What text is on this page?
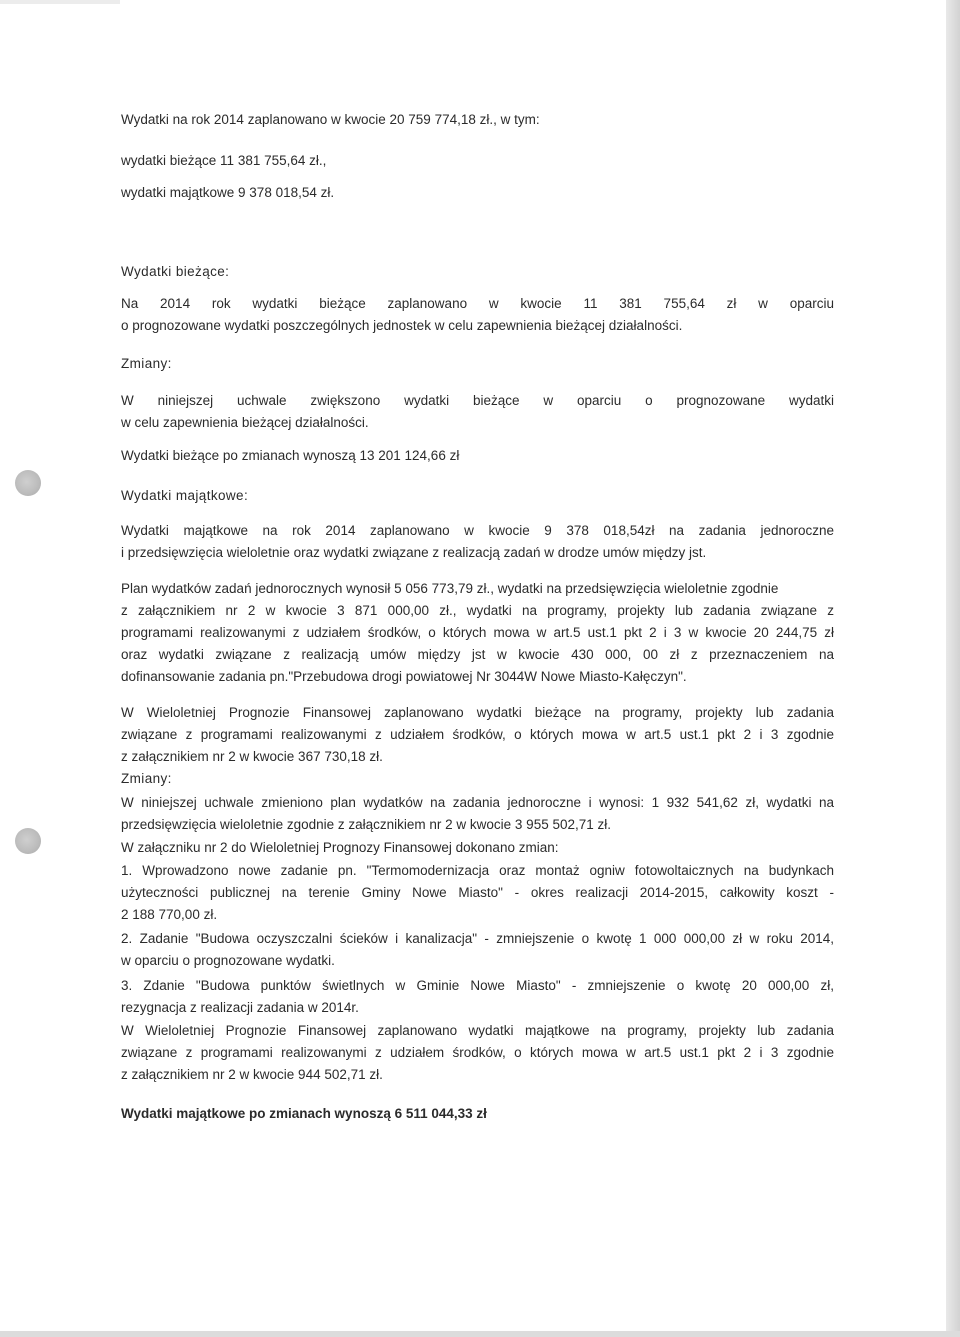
Wydatki na rok 2014 zaplanowano w kwocie 20 759 774,18 zł., w tym:

wydatki bieżące 11 381 755,64 zł.,

wydatki majątkowe 9 378 018,54 zł.

Wydatki bieżące:

Na 2014 rok wydatki bieżące zaplanowano w kwocie 11 381 755,64 zł w oparciu

o prognozowane wydatki poszczególnych jednostek w celu zapewnienia bieżącej działalności.

Zmiany:

W niniejszej uchwale zwiększono wydatki bieżące w oparciu o prognozowane wydatki

w celu zapewnienia bieżącej działalności.

Wydatki bieżące po zmianach wynoszą 13 201 124,66 zł

Wydatki majątkowe:

Wydatki majątkowe na rok 2014 zaplanowano w kwocie 9 378 018,54zł na zadania jednoroczne

i przedsięwzięcia wieloletnie oraz wydatki związane z realizacją zadań w drodze umów między jst.

Plan wydatków zadań jednorocznych wynosił 5 056 773,79 zł., wydatki na przedsięwzięcia wieloletnie zgodnie

z załącznikiem nr 2 w kwocie 3 871 000,00 zł., wydatki na programy, projekty lub zadania związane z

programami realizowanymi z udziałem środków, o których mowa w art.5 ust.1 pkt 2 i 3 w kwocie 20 244,75 zł

oraz wydatki związane z realizacją umów między jst w kwocie 430 000, 00 zł z przeznaczeniem na

dofinansowanie zadania pn."Przebudowa drogi powiatowej Nr 3044W Nowe Miasto-Kałęczyn".

W Wieloletniej Prognozie Finansowej zaplanowano wydatki bieżące na programy, projekty lub zadania

związane z programami realizowanymi z udziałem środków, o których mowa w art.5 ust.1 pkt 2 i 3 zgodnie

z załącznikiem nr 2 w kwocie 367 730,18 zł.

Zmiany:

W niniejszej uchwale zmieniono plan wydatków na zadania jednoroczne i wynosi: 1 932 541,62 zł, wydatki na

przedsięwzięcia wieloletnie zgodnie z załącznikiem nr 2 w kwocie 3 955 502,71 zł.

W załączniku nr 2 do Wieloletniej Prognozy Finansowej dokonano zmian:

1. Wprowadzono nowe zadanie pn. "Termomodernizacja oraz montaż ogniw fotowoltaicznych na budynkach

użyteczności publicznej na terenie Gminy Nowe Miasto" - okres realizacji 2014-2015, całkowity koszt -

2 188 770,00 zł.

2. Zadanie "Budowa oczyszczalni ścieków i kanalizacja" - zmniejszenie o kwotę 1 000 000,00 zł w roku 2014,

w oparciu o prognozowane wydatki.

3. Zdanie "Budowa punktów świetlnych w Gminie Nowe Miasto" - zmniejszenie o kwotę 20 000,00 zł,

rezygnacja z realizacji zadania w 2014r.

W Wieloletniej Prognozie Finansowej zaplanowano wydatki majątkowe na programy, projekty lub zadania

związane z programami realizowanymi z udziałem środków, o których mowa w art.5 ust.1 pkt 2 i 3 zgodnie

z załącznikiem nr 2 w kwocie 944 502,71 zł.

Wydatki majątkowe po zmianach wynoszą 6 511 044,33 zł
